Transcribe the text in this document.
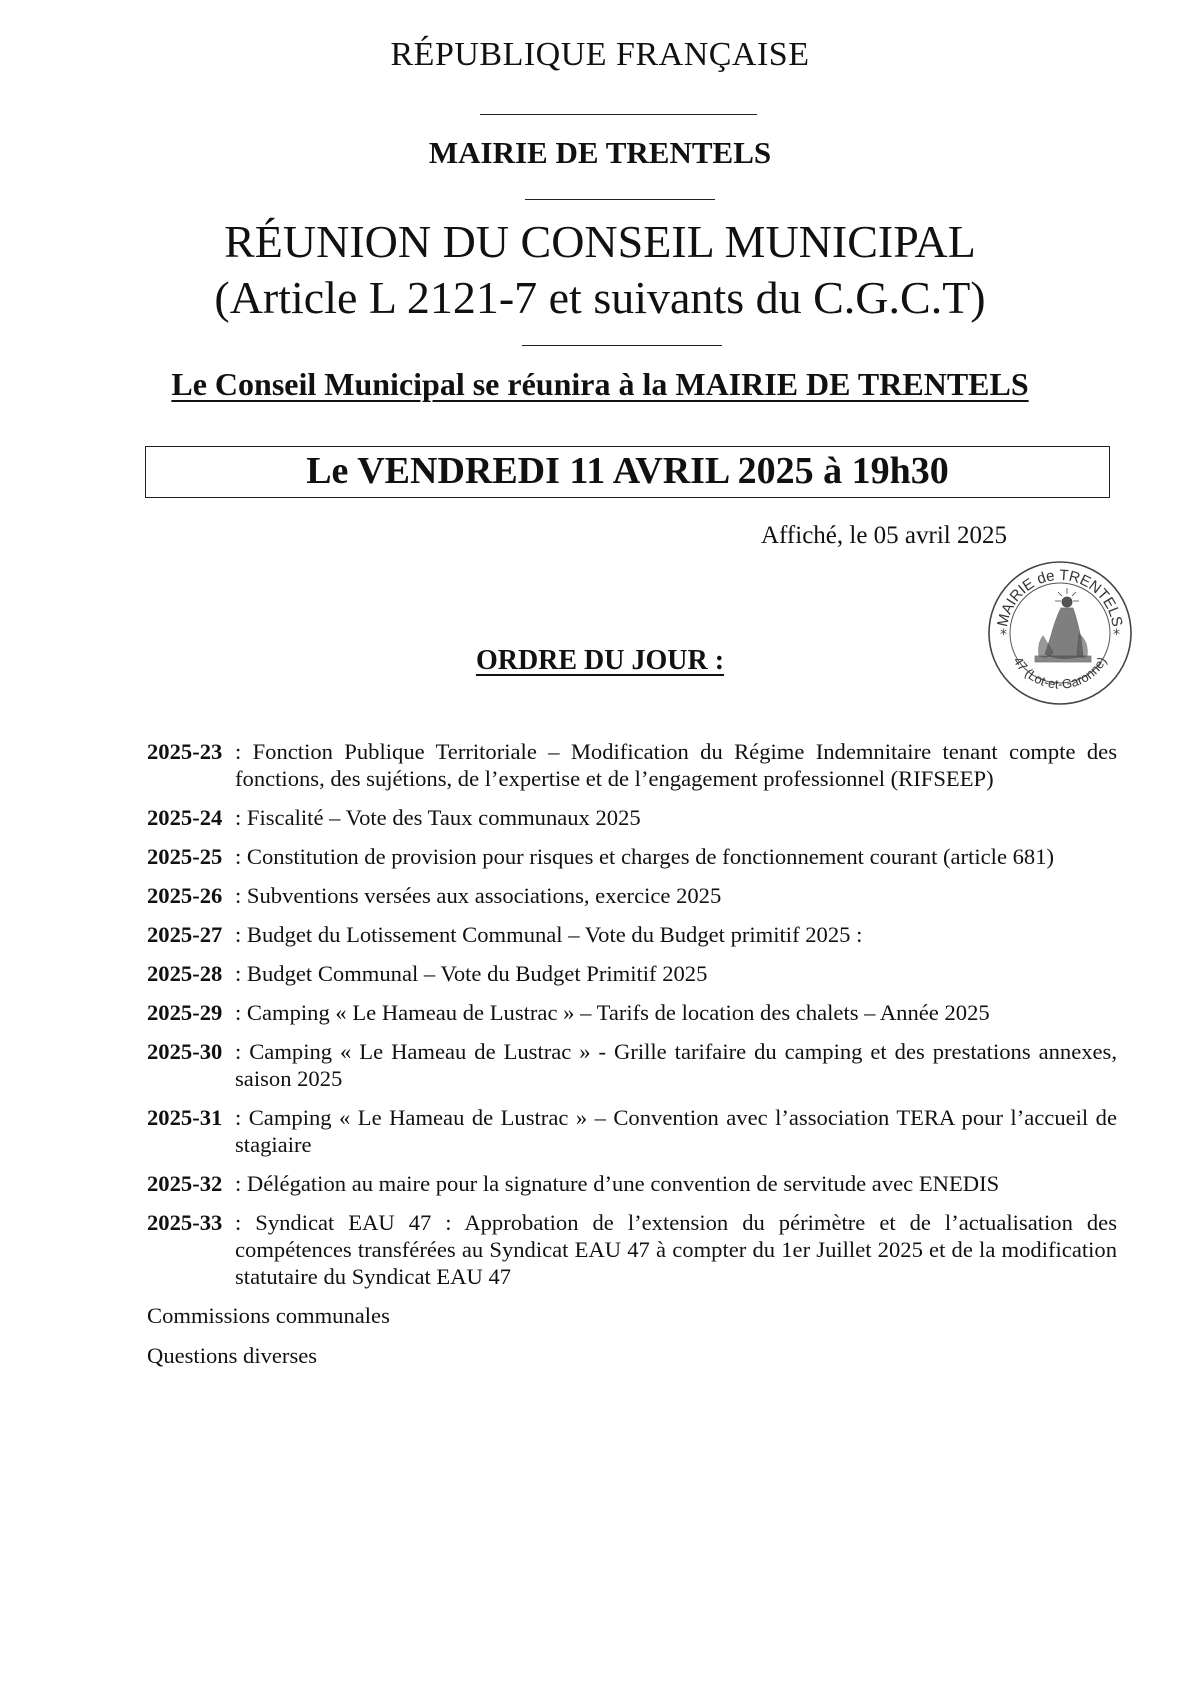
RÉPUBLIQUE FRANÇAISE
MAIRIE DE TRENTELS
RÉUNION DU CONSEIL MUNICIPAL
(Article L 2121-7 et suivants du C.G.C.T)
Le Conseil Municipal se réunira à la MAIRIE DE TRENTELS
Le VENDREDI 11 AVRIL 2025 à 19h30
Affiché, le 05 avril 2025
MAIRIE de TRENTELS
47 (Lot-et-Garonne)
*	*
ORDRE DU JOUR :
2025-23 : Fonction Publique Territoriale – Modification du Régime Indemnitaire tenant compte des fonctions, des sujétions, de l’expertise et de l’engagement professionnel (RIFSEEP)
2025-24 : Fiscalité – Vote des Taux communaux 2025
2025-25 : Constitution de provision pour risques et charges de fonctionnement courant (article 681)
2025-26 : Subventions versées aux associations, exercice 2025
2025-27 : Budget du Lotissement Communal – Vote du Budget primitif 2025 :
2025-28 : Budget Communal – Vote du Budget Primitif 2025
2025-29 : Camping « Le Hameau de Lustrac » – Tarifs de location des chalets – Année 2025
2025-30 : Camping « Le Hameau de Lustrac » - Grille tarifaire du camping et des prestations annexes, saison 2025
2025-31 : Camping « Le Hameau de Lustrac » – Convention avec l’association TERA pour l’accueil de stagiaire
2025-32 : Délégation au maire pour la signature d’une convention de servitude avec ENEDIS
2025-33 : Syndicat EAU 47 : Approbation de l’extension du périmètre et de l’actualisation des compétences transférées au Syndicat EAU 47 à compter du 1er Juillet 2025 et de la modification statutaire du Syndicat EAU 47
Commissions communales
Questions diverses
